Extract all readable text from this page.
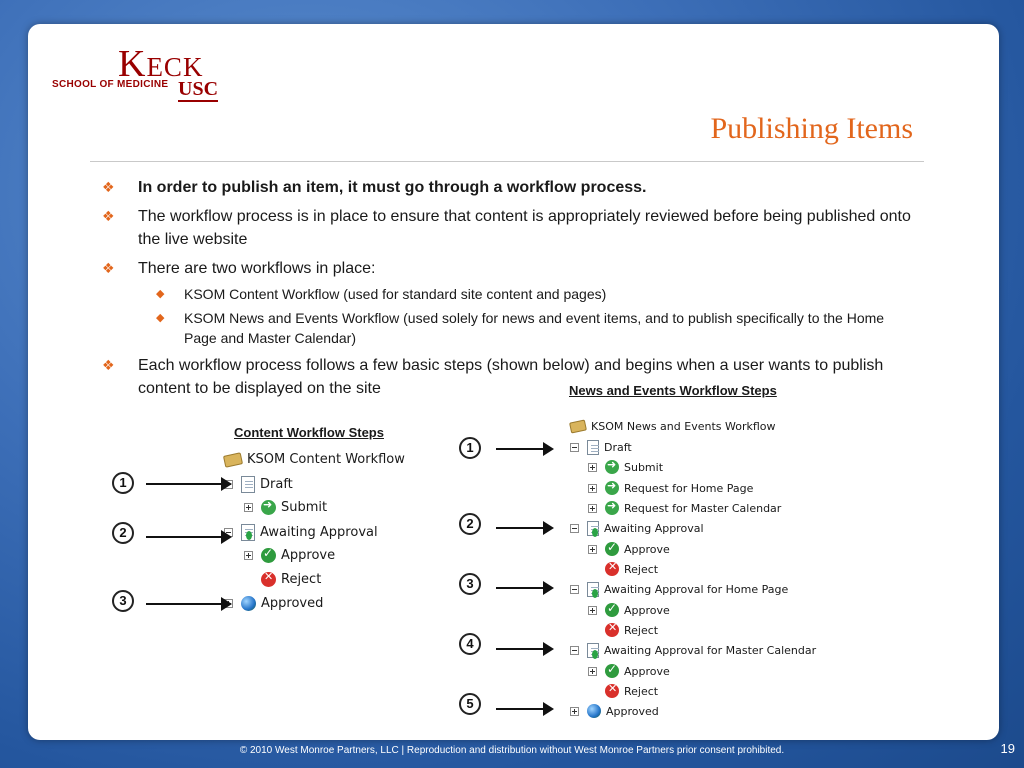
Keck
SCHOOL OF MEDICINE USC
Publishing Items
❖ In order to publish an item, it must go through a workflow process.
❖ The workflow process is in place to ensure that content is appropriately reviewed before being published onto the live website
❖ There are two workflows in place:
◆ KSOM Content Workflow (used for standard site content and pages)
◆ KSOM News and Events Workflow (used solely for news and event items, and to publish specifically to the Home Page and Master Calendar)
❖ Each workflow process follows a few basic steps (shown below) and begins when a user wants to publish content to be displayed on the site
Content Workflow Steps
KSOM Content Workflow
Draft
➜
Submit
Awaiting Approval
✓
Approve
✕
Reject
Approved
1
2
3
News and Events Workflow Steps
KSOM News and Events Workflow
Draft
➜
Submit
➜
Request for Home Page
➜
Request for Master Calendar
Awaiting Approval
✓
Approve
✕
Reject
Awaiting Approval for Home Page
✓
Approve
✕
Reject
Awaiting Approval for Master Calendar
✓
Approve
✕
Reject
Approved
1
2
3
4
5
© 2010 West Monroe Partners, LLC | Reproduction and distribution without West Monroe Partners prior consent prohibited.	19
